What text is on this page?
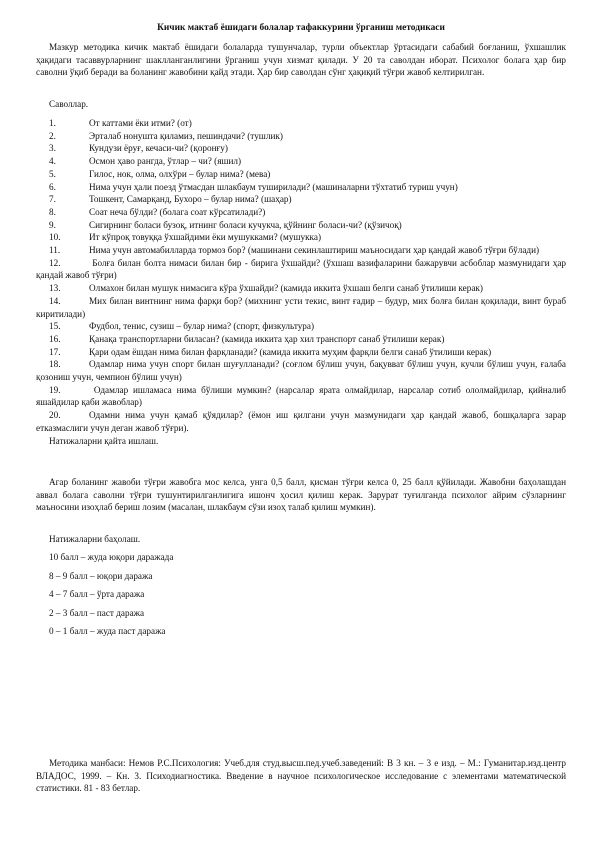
Кичик мактаб ёшидаги болалар тафаккурини ўрганиш методикаси

Мазкур методика кичик мактаб ёшидаги болаларда тушунчалар, турли объектлар ўртасидаги сабабий боғланиш, ўхшашлик ҳақидаги тасаввурларнинг шаклланганлигини ўрганиш учун хизмат қилади. У 20 та саволдан иборат. Психолог болага ҳар бир саволни ўқиб беради ва боланинг жавобини қайд этади. Ҳар бир саволдан сўнг ҳақиқий тўғри жавоб келтирилган.

Саволлар.

1.	От каттами ёки итми? (от)
2.	Эрталаб нонушта қиламиз, пешиндачи? (тушлик)
3.	Кундузи ёруғ, кечаси-чи? (қоронғу)
4.	Осмон ҳаво рангда, ўтлар – чи? (яшил)
5.	Гилос, нок, олма, олхўри – булар нима? (мева)
6.	Нима учун ҳали поезд ўтмасдан шлакбаум туширилади? (машиналарни тўхтатиб туриш учун)
7.	Тошкент, Самарқанд, Бухоро – булар нима? (шаҳар)
8.	Соат неча бўлди? (болага соат кўрсатилади?)
9.	Сигирнинг боласи бузоқ, итнинг боласи кучукча, қўйнинг боласи-чи? (қўзичоқ)
10.	Ит кўпроқ товуққа ўхшайдими ёки мушукками? (мушукка)
11.	Нима учун автомабилларда тормоз бор? (машинани секинлаштириш маъносидаги ҳар қандай жавоб тўғри бўлади)
12.	Болға билан болта нимаси билан бир - бирига ўхшайди? (ўхшаш вазифаларини бажарувчи асбоблар мазмунидаги ҳар қандай жавоб тўғри)
13.	Олмахон билан мушук нимасига кўра ўхшайди? (камида иккита ўхшаш белги санаб ўтилиши керак)
14.	Мих билан винтнинг нима фарқи бор? (михнинг усти текис, винт ғадир – будур, мих болға билан қоқилади, винт бураб киритилади)
15.	Фудбол, тенис, сузиш – булар нима? (спорт, физкультура)
16.	Қанақа транспортларни биласан? (камида иккита ҳар хил транспорт санаб ўтилиши керак)
17.	Қари одам ёшдан нима билан фарқланади? (камида иккита муҳим фарқли белги санаб ўтилиши керак)
18.	Одамлар нима учун спорт билан шуғулланади? (соғлом бўлиш учун, бақувват бўлиш учун, кучли бўлиш учун, ғалаба қозониш учун, чемпион бўлиш учун)
19.	Одамлар ишламаса нима бўлиши мумкин? (нарсалар ярата олмайдилар, нарсалар сотиб ололмайдилар, қийналиб яшайдилар қаби жавоблар)
20.	Одамни нима учун қамаб қўядилар? (ёмон иш қилгани учун мазмунидаги ҳар қандай жавоб, бошқаларга зарар етказмаслиги учун деган жавоб тўғри).
Натижаларни қайта ишлаш.

Агар боланинг жавоби тўғри жавобга мос келса, унга 0,5 балл, қисман тўғри келса 0, 25 балл қўйилади. Жавобни баҳолашдан аввал болага саволни тўғри тушунтирилганлигига ишонч ҳосил қилиш керак. Зарурат туғилганда психолог айрим сўзларнинг маъносини изоҳлаб бериш лозим (масалан, шлакбаум сўзи изоҳ талаб қилиш мумкин).

Натижаларни баҳолаш.

10 балл – жуда юқори даражада
8 – 9 балл – юқори даража
4 – 7 балл – ўрта даража
2 – 3 балл – паст даража
0 – 1 балл – жуда паст даража

Методика манбаси: Немов Р.С.Психология: Учеб.для студ.высш.пед.учеб.заведений: В 3 кн. – 3 е изд. – М.: Гуманитар.изд.центр ВЛАДОС, 1999. – Кн. 3. Психодиагностика. Введение в научное психологическое исследование с элементами математической статистики. 81 - 83 бетлар.
